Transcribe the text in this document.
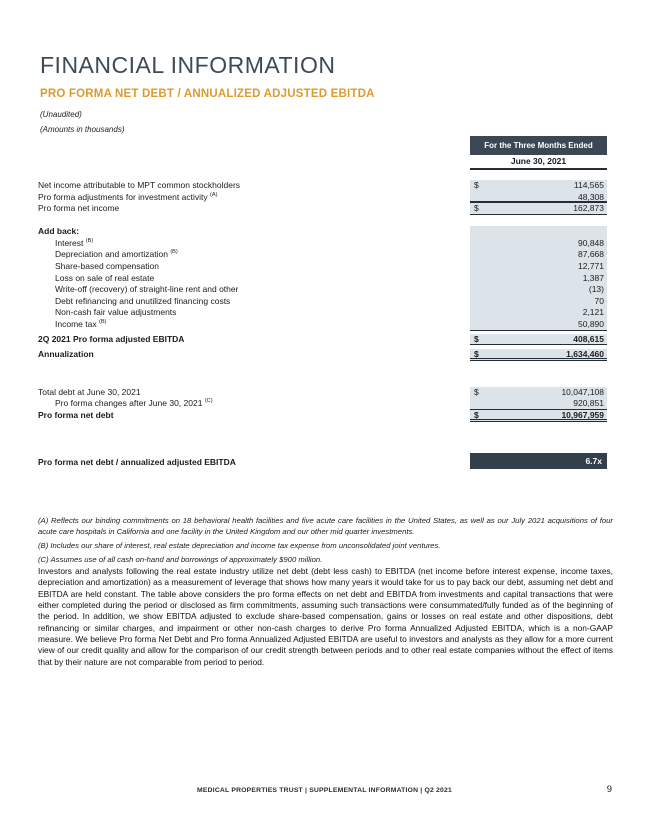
FINANCIAL INFORMATION
PRO FORMA NET DEBT / ANNUALIZED ADJUSTED EBITDA
(Unaudited)
(Amounts in thousands)
For the Three Months Ended
June 30, 2021
Net income attributable to MPT common stockholders	$	114,565
Pro forma adjustments for investment activity $^{(A)}$	48,308
Pro forma net income	$	162,873
Add back:
Interest $^{(B)}$	90,848
Depreciation and amortization $^{(B)}$	87,668
Share-based compensation	12,771
Loss on sale of real estate	1,387
Write-off (recovery) of straight-line rent and other	(13)
Debt refinancing and unutilized financing costs	70
Non-cash fair value adjustments	2,121
Income tax $^{(B)}$	50,890
2Q 2021 Pro forma adjusted EBITDA	$	408,615
Annualization	$	1,634,460
Total debt at June 30, 2021	$	10,047,108
Pro forma changes after June 30, 2021 $^{(C)}$	920,851
Pro forma net debt	$	10,967,959
Pro forma net debt / annualized adjusted EBITDA	6.7x
(A) Reflects our binding commitments on 18 behavioral health facilities and five acute care facilities in the United States, as well as our July 2021 acquisitions of four acute care hospitals in California and one facility in the United Kingdom and our other mid quarter investments.
(B) Includes our share of interest, real estate depreciation and income tax expense from unconsolidated joint ventures.
(C) Assumes use of all cash on-hand and borrowings of approximately $900 million.
Investors and analysts following the real estate industry utilize net debt (debt less cash) to EBITDA (net income before interest expense, income taxes, depreciation and amortization) as a measurement of leverage that shows how many years it would take for us to pay back our debt, assuming net debt and EBITDA are held constant. The table above considers the pro forma effects on net debt and EBITDA from investments and capital transactions that were either completed during the period or disclosed as firm commitments, assuming such transactions were consummated/fully funded as of the beginning of the period. In addition, we show EBITDA adjusted to exclude share-based compensation, gains or losses on real estate and other dispositions, debt refinancing or similar charges, and impairment or other non-cash charges to derive Pro forma Annualized Adjusted EBITDA, which is a non-GAAP measure. We believe Pro forma Net Debt and Pro forma Annualized Adjusted EBITDA are useful to investors and analysts as they allow for a more current view of our credit quality and allow for the comparison of our credit strength between periods and to other real estate companies without the effect of items that by their nature are not comparable from period to period.
MEDICAL PROPERTIES TRUST | SUPPLEMENTAL INFORMATION | Q2 2021	9
